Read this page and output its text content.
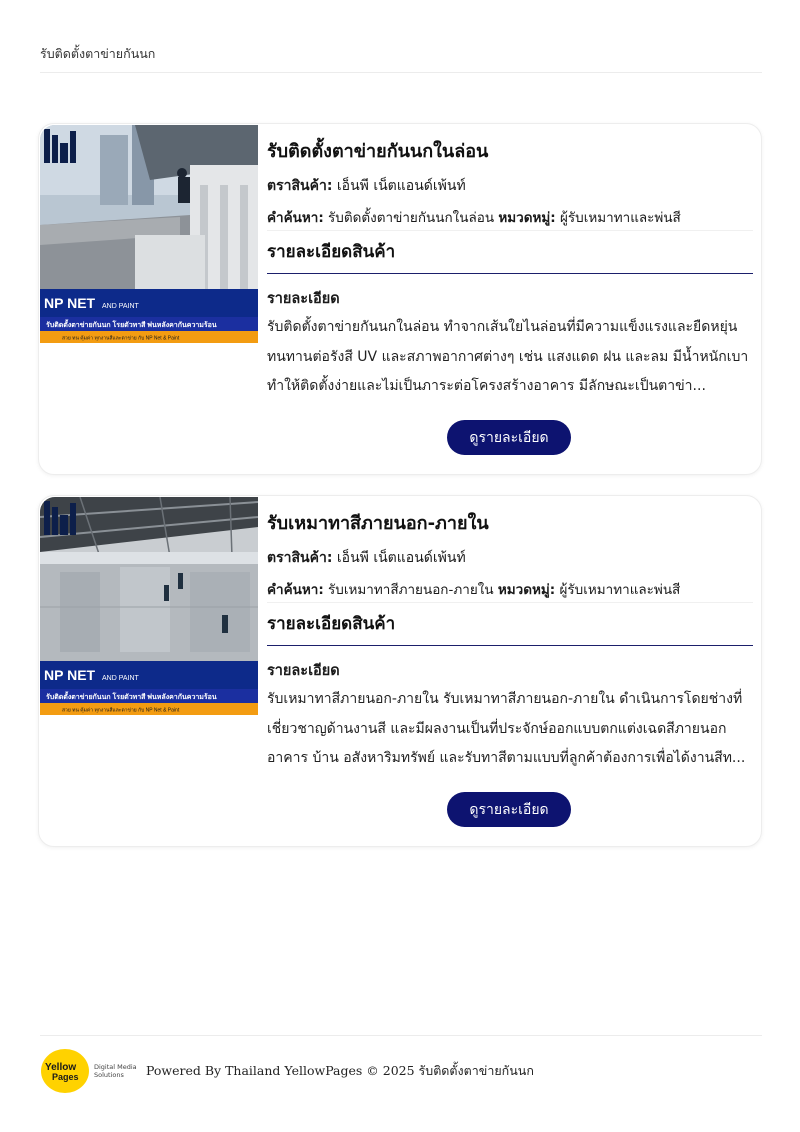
รับติดตั้งตาข่ายกันนก
NP NET AND PAINT
รับติดตั้งตาข่ายกันนก โรยตัวทาสี พ่นหลังคากันความร้อน
สวย ทน คุ้มค่า ทุกงานสีและตาข่าย กับ NP Net & Paint
รับติดตั้งตาข่ายกันนกในล่อน
ตราสินค้า: เอ็นพี เน็ตแอนด์เพ้นท์
คำค้นหา: รับติดตั้งตาข่ายกันนกในล่อน หมวดหมู่: ผู้รับเหมาทาและพ่นสี
รายละเอียดสินค้า
รายละเอียด
รับติดตั้งตาข่ายกันนกในล่อน ทำจากเส้นใยไนล่อนที่มีความแข็งแรงและยืดหยุ่น ทนทานต่อรังสี UV และสภาพอากาศต่างๆ เช่น แสงแดด ฝน และลม มีน้ำหนักเบา ทำให้ติดตั้งง่ายและไม่เป็นภาระต่อโครงสร้างอาคาร มีลักษณะเป็นตาข่า...
ดูรายละเอียด
NP NET AND PAINT
รับติดตั้งตาข่ายกันนก โรยตัวทาสี พ่นหลังคากันความร้อน
สวย ทน คุ้มค่า ทุกงานสีและตาข่าย กับ NP Net & Paint
รับเหมาทาสีภายนอก-ภายใน
ตราสินค้า: เอ็นพี เน็ตแอนด์เพ้นท์
คำค้นหา: รับเหมาทาสีภายนอก-ภายใน หมวดหมู่: ผู้รับเหมาทาและพ่นสี
รายละเอียดสินค้า
รายละเอียด
รับเหมาทาสีภายนอก-ภายใน รับเหมาทาสีภายนอก-ภายใน ดำเนินการโดยช่างที่เชี่ยวชาญด้านงานสี และมีผลงานเป็นที่ประจักษ์ออกแบบตกแต่งเฉดสีภายนอกอาคาร บ้าน อสังหาริมทรัพย์ และรับทาสีตามแบบที่ลูกค้าต้องการเพื่อได้งานสีท...
ดูรายละเอียด
Yellow
Pages
Digital Media Solutions	Powered By Thailand YellowPages © 2025 รับติดตั้งตาข่ายกันนก
